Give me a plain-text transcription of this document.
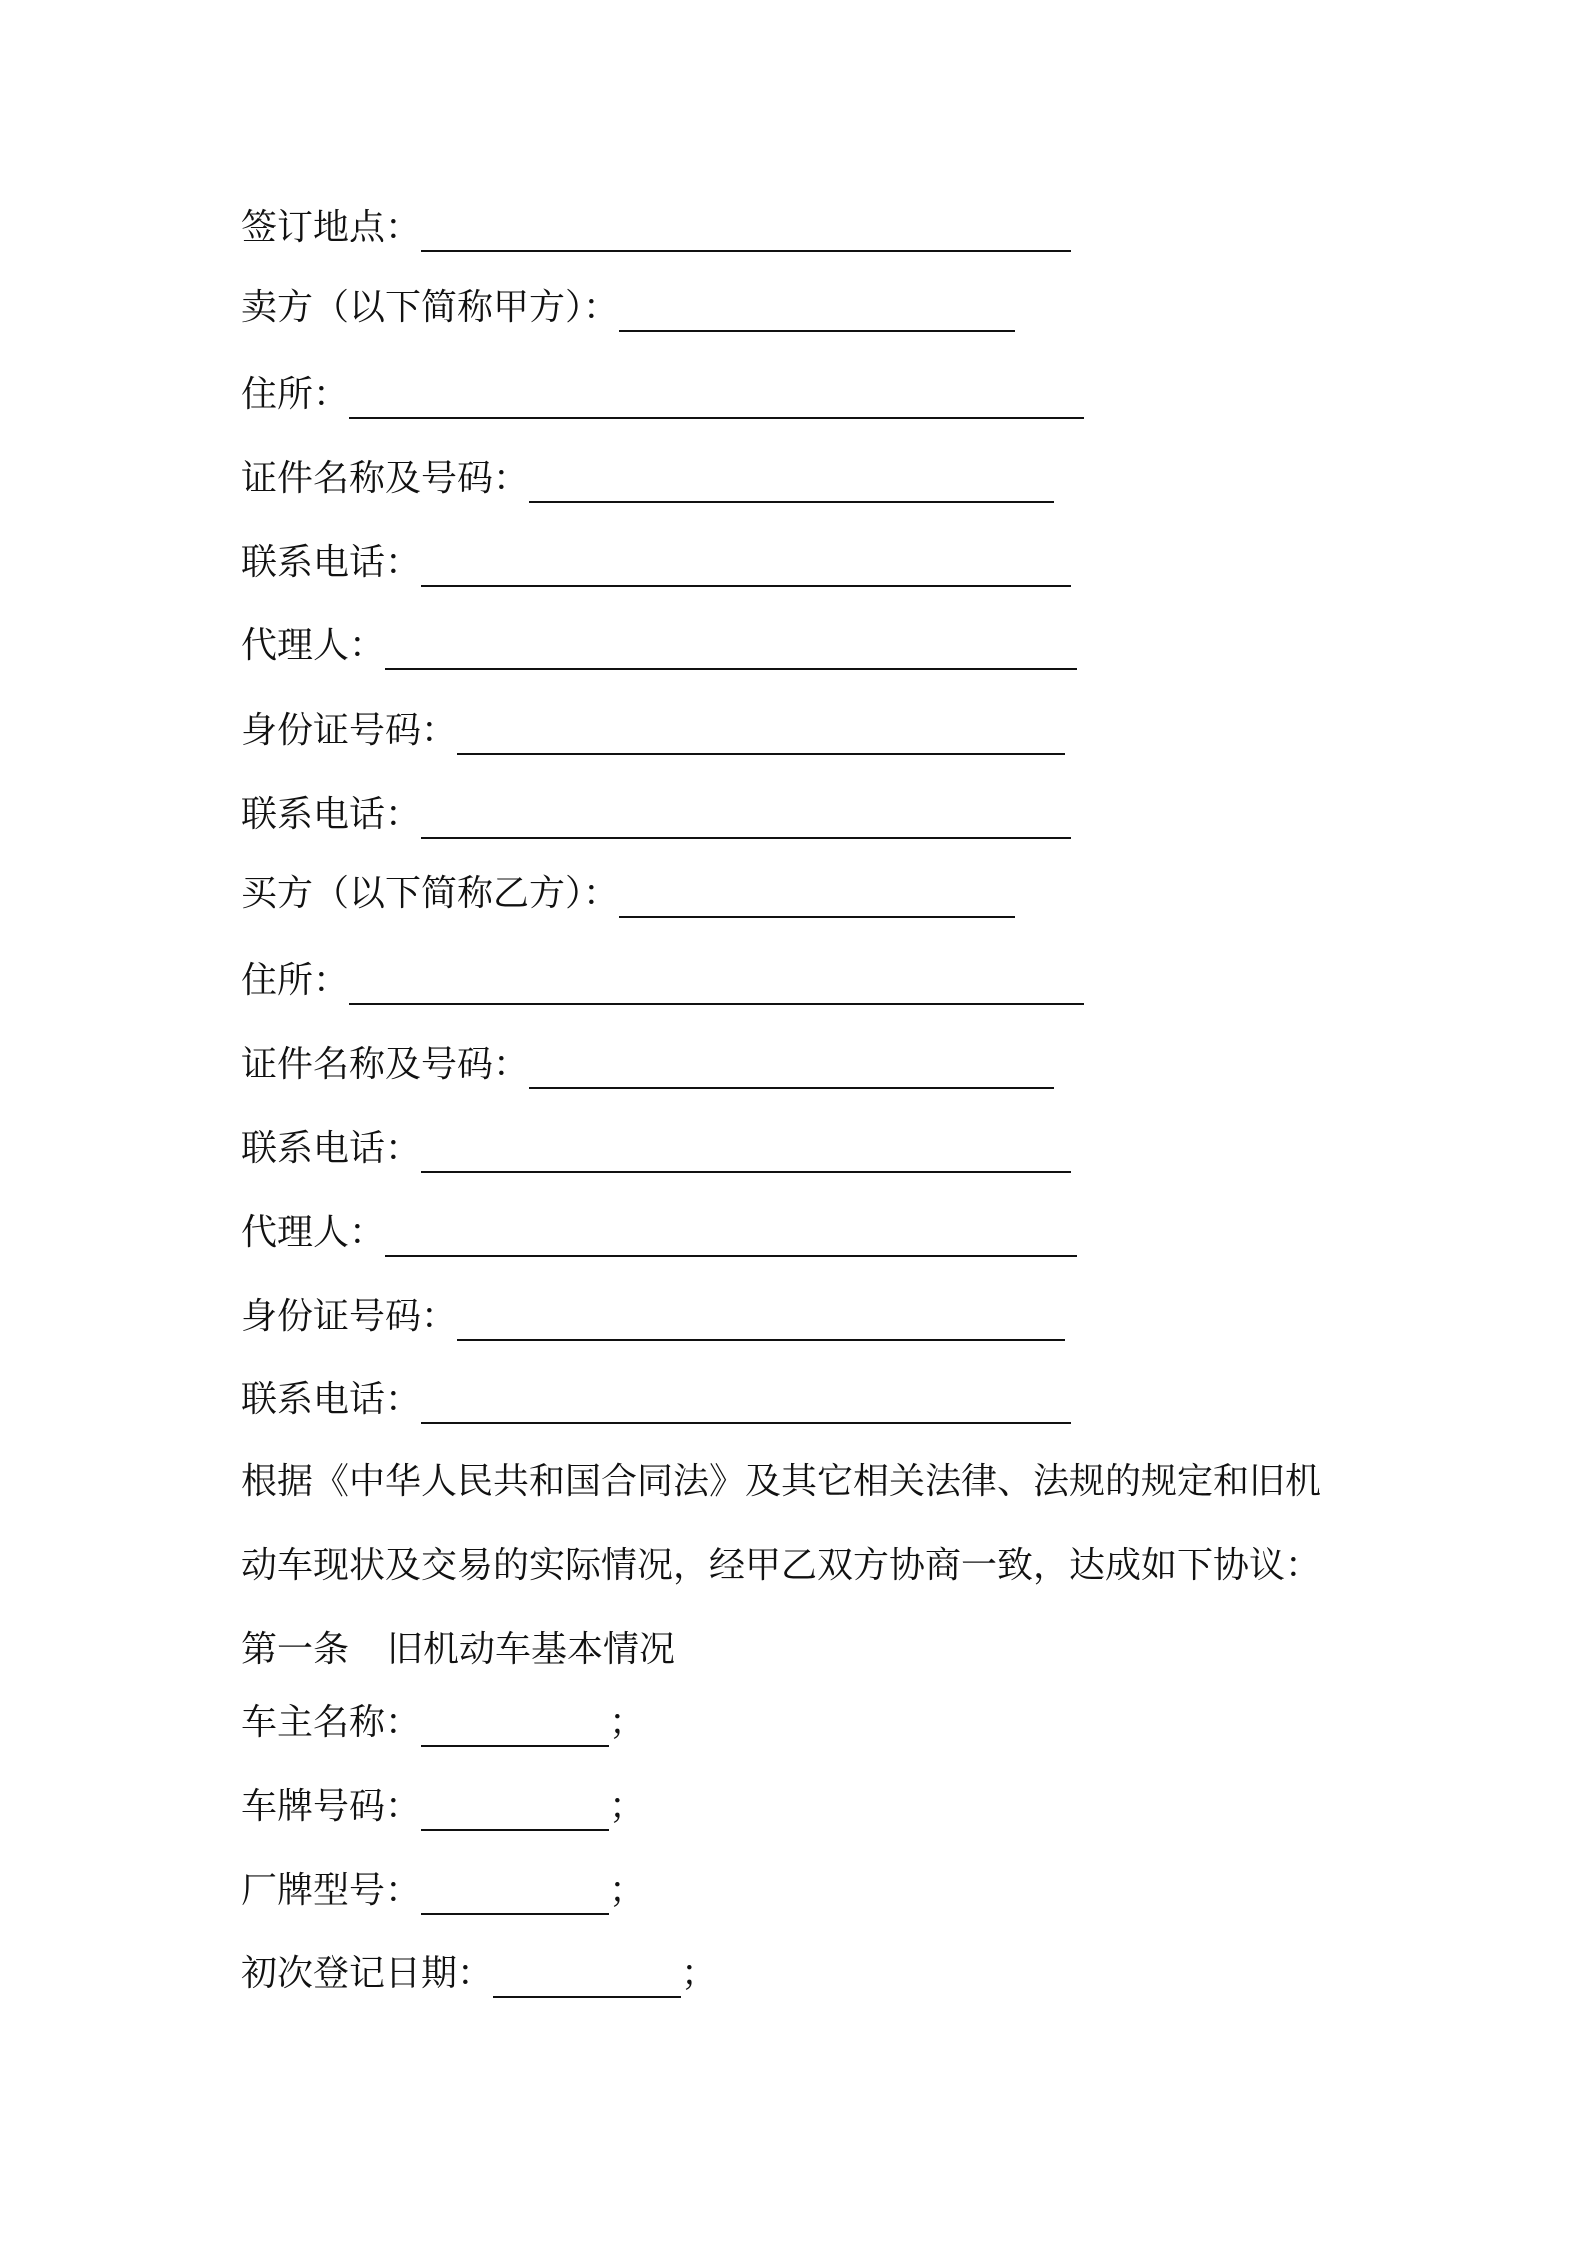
签订地点：
卖方（以下简称甲方）：
住所：
证件名称及号码：
联系电话：
代理人：
身份证号码：
联系电话：
买方（以下简称乙方）：
住所：
证件名称及号码：
联系电话：
代理人：
身份证号码：
联系电话：
根据《中华人民共和国合同法》及其它相关法律、法规的规定和旧机
动车现状及交易的实际情况，经甲乙双方协商一致，达成如下协议：
第一条 旧机动车基本情况
车主名称：	；
车牌号码：	；
厂牌型号：	；
初次登记日期：	；
